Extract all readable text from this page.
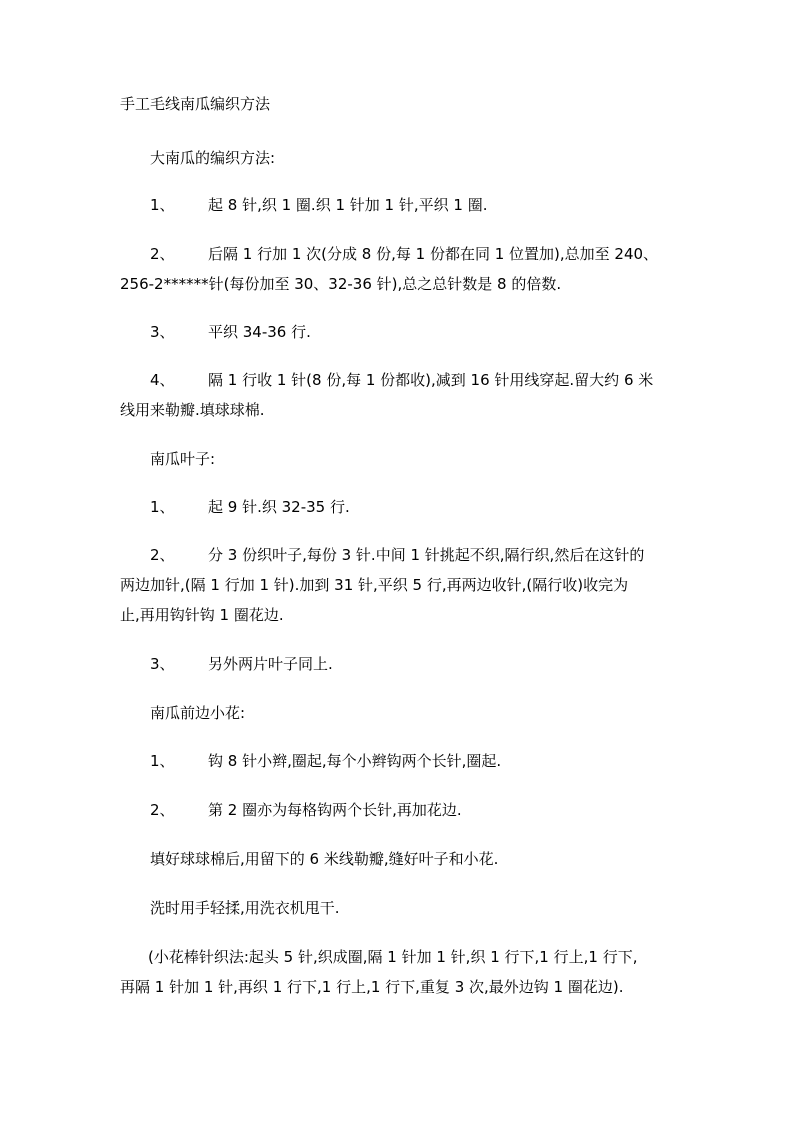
手工毛线南瓜编织方法
大南瓜的编织方法:
1、 起 8 针,织 1 圈.织 1 针加 1 针,平织 1 圈.
2、 后隔 1 行加 1 次(分成 8 份,每 1 份都在同 1 位置加),总加至 240、
256-2******针(每份加至 30、32-36 针),总之总针数是 8 的倍数.
3、 平织 34-36 行.
4、 隔 1 行收 1 针(8 份,每 1 份都收),减到 16 针用线穿起.留大约 6 米
线用来勒瓣.填球球棉.
南瓜叶子:
1、 起 9 针.织 32-35 行.
2、 分 3 份织叶子,每份 3 针.中间 1 针挑起不织,隔行织,然后在这针的
两边加针,(隔 1 行加 1 针).加到 31 针,平织 5 行,再两边收针,(隔行收)收完为
止,再用钩针钩 1 圈花边.
3、 另外两片叶子同上.
南瓜前边小花:
1、 钩 8 针小辫,圈起,每个小辫钩两个长针,圈起.
2、 第 2 圈亦为每格钩两个长针,再加花边.
填好球球棉后,用留下的 6 米线勒瓣,缝好叶子和小花.
洗时用手轻揉,用洗衣机甩干.
(小花棒针织法:起头 5 针,织成圈,隔 1 针加 1 针,织 1 行下,1 行上,1 行下,
再隔 1 针加 1 针,再织 1 行下,1 行上,1 行下,重复 3 次,最外边钩 1 圈花边).
